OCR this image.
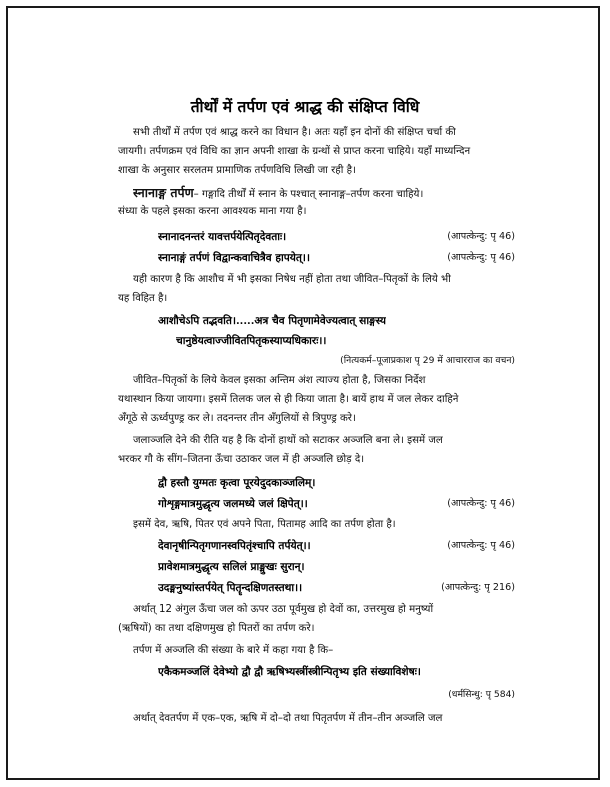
तीर्थों में तर्पण एवं श्राद्ध की संक्षिप्त विधि
सभी तीर्थों में तर्पण एवं श्राद्ध करने का विधान है। अतः यहाँ इन दोनों की संक्षिप्त चर्चा की
जायगी। तर्पणक्रम एवं विधि का ज्ञान अपनी शाखा के ग्रन्थों से प्राप्त करना चाहिये। यहाँ माध्यन्दिन
शाखा के अनुसार सरलतम प्रामाणिक तर्पणविधि लिखी जा रही है।
स्नानाङ्ग तर्पण– गङ्गादि तीर्थों में स्नान के पश्चात् स्नानाङ्ग–तर्पण करना चाहिये।
संध्या के पहले इसका करना आवश्यक माना गया है।
स्नानादनन्तरं यावत्तर्पयेत्पितृदेवताः।	(आपत्केन्दु: पृ 46)
स्नानाङ्गं तर्पणं विद्वान्कवाचित्रैव हापयेत्।।	(आपत्केन्दु: पृ 46)
यही कारण है कि आशौच में भी इसका निषेध नहीं होता तथा जीवित–पितृकों के लिये भी
यह विहित है।
आशौचेऽपि तद्भवति।.....अत्र चैव पितृणामेवेज्यत्वात् साङ्गस्य
चानुष्ठेयत्वाज्जीवितपितृकस्याप्यधिकारः।।
(नित्यकर्म–पूजाप्रकाश पृ 29 में आचारराज का वचन)
जीवित–पितृकों के लिये केवल इसका अन्तिम अंश त्याज्य होता है, जिसका निर्देश
यथास्थान किया जायगा। इसमें तिलक जल से ही किया जाता है। बायें हाथ में जल लेकर दाहिने
अँगूठे से ऊर्ध्वपुण्ड्र कर ले। तदनन्तर तीन अँगुलियों से त्रिपुण्ड्र करे।
जलाञ्जलि देने की रीति यह है कि दोनों हाथों को सटाकर अञ्जलि बना ले। इसमें जल
भरकर गौ के सींग–जितना ऊँचा उठाकर जल में ही अञ्जलि छोड़ दे।
द्वौ हस्तौ युग्मतः कृत्वा पूरयेदुदकाञ्जलिम्।
गोशृङ्गमात्रमुद्धृत्य जलमध्ये जलं क्षिपेत्।।	(आपत्केन्दु: पृ 46)
इसमें देव, ऋषि, पितर एवं अपने पिता, पितामह आदि का तर्पण होता है।
देवानृषीन्पितृगणानस्वपितृंश्चापि तर्पयेत्।।	(आपत्केन्दु: पृ 46)
प्रावेशमात्रमुद्धृत्य सलिलं प्राङ्मुखः सुरान्।
उदङ्मनुष्यांस्तर्पयेत् पितॄन्दक्षिणतस्तथा।।	(आपत्केन्दु: पृ 216)
अर्थात् 12 अंगुल ऊँचा जल को ऊपर उठा पूर्वमुख हो देवों का, उत्तरमुख हो मनुष्यों
(ऋषियों) का तथा दक्षिणमुख हो पितरों का तर्पण करे।
तर्पण में अञ्जलि की संख्या के बारे में कहा गया है कि–
एकैकमञ्जलिं देवेभ्यो द्वौ द्वौ ऋषिभ्यस्त्रींस्त्रीन्पितृभ्य इति संख्याविशेषः।
(धर्मसिन्धु: पृ 584)
अर्थात् देवतर्पण में एक–एक, ऋषि में दो–दो तथा पितृतर्पण में तीन–तीन अञ्जलि जल
